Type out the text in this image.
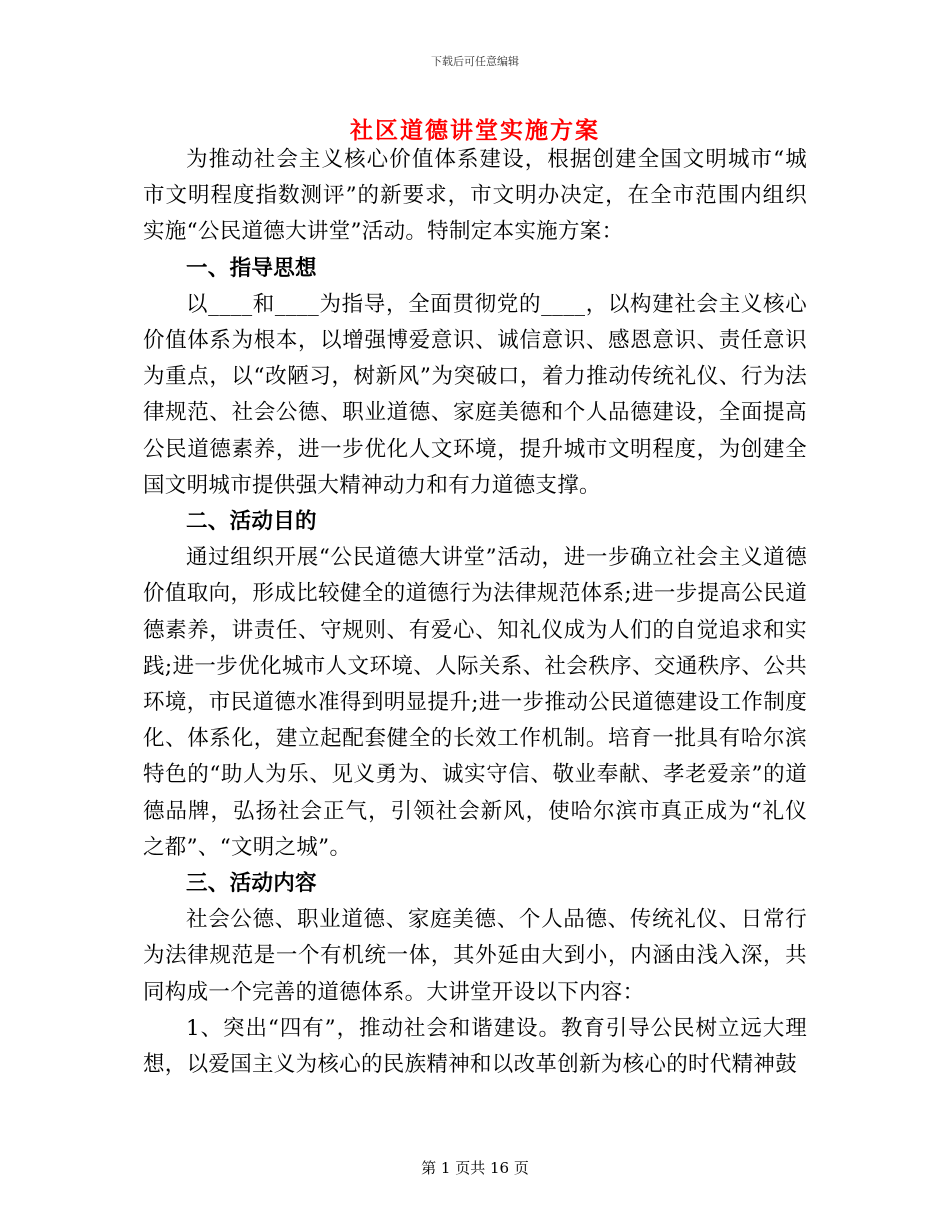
下载后可任意编辑
社区道德讲堂实施方案

为推动社会主义核心价值体系建设，根据创建全国文明城市“城市文明程度指数测评”的新要求，市文明办决定，在全市范围内组织实施“公民道德大讲堂”活动。特制定本实施方案：

一、指导思想

以____和____为指导，全面贯彻党的____，以构建社会主义核心价值体系为根本，以增强博爱意识、诚信意识、感恩意识、责任意识为重点，以“改陋习，树新风”为突破口，着力推动传统礼仪、行为法律规范、社会公德、职业道德、家庭美德和个人品德建设，全面提高公民道德素养，进一步优化人文环境，提升城市文明程度，为创建全国文明城市提供强大精神动力和有力道德支撑。

二、活动目的

通过组织开展“公民道德大讲堂”活动，进一步确立社会主义道德价值取向，形成比较健全的道德行为法律规范体系;进一步提高公民道德素养，讲责任、守规则、有爱心、知礼仪成为人们的自觉追求和实践;进一步优化城市人文环境、人际关系、社会秩序、交通秩序、公共环境，市民道德水准得到明显提升;进一步推动公民道德建设工作制度化、体系化，建立起配套健全的长效工作机制。培育一批具有哈尔滨特色的“助人为乐、见义勇为、诚实守信、敬业奉献、孝老爱亲”的道德品牌，弘扬社会正气，引领社会新风，使哈尔滨市真正成为“礼仪之都”、“文明之城”。

三、活动内容

社会公德、职业道德、家庭美德、个人品德、传统礼仪、日常行为法律规范是一个有机统一体，其外延由大到小，内涵由浅入深，共同构成一个完善的道德体系。大讲堂开设以下内容：

1、突出“四有”，推动社会和谐建设。教育引导公民树立远大理想，以爱国主义为核心的民族精神和以改革创新为核心的时代精神鼓

第 1 页共 16 页
